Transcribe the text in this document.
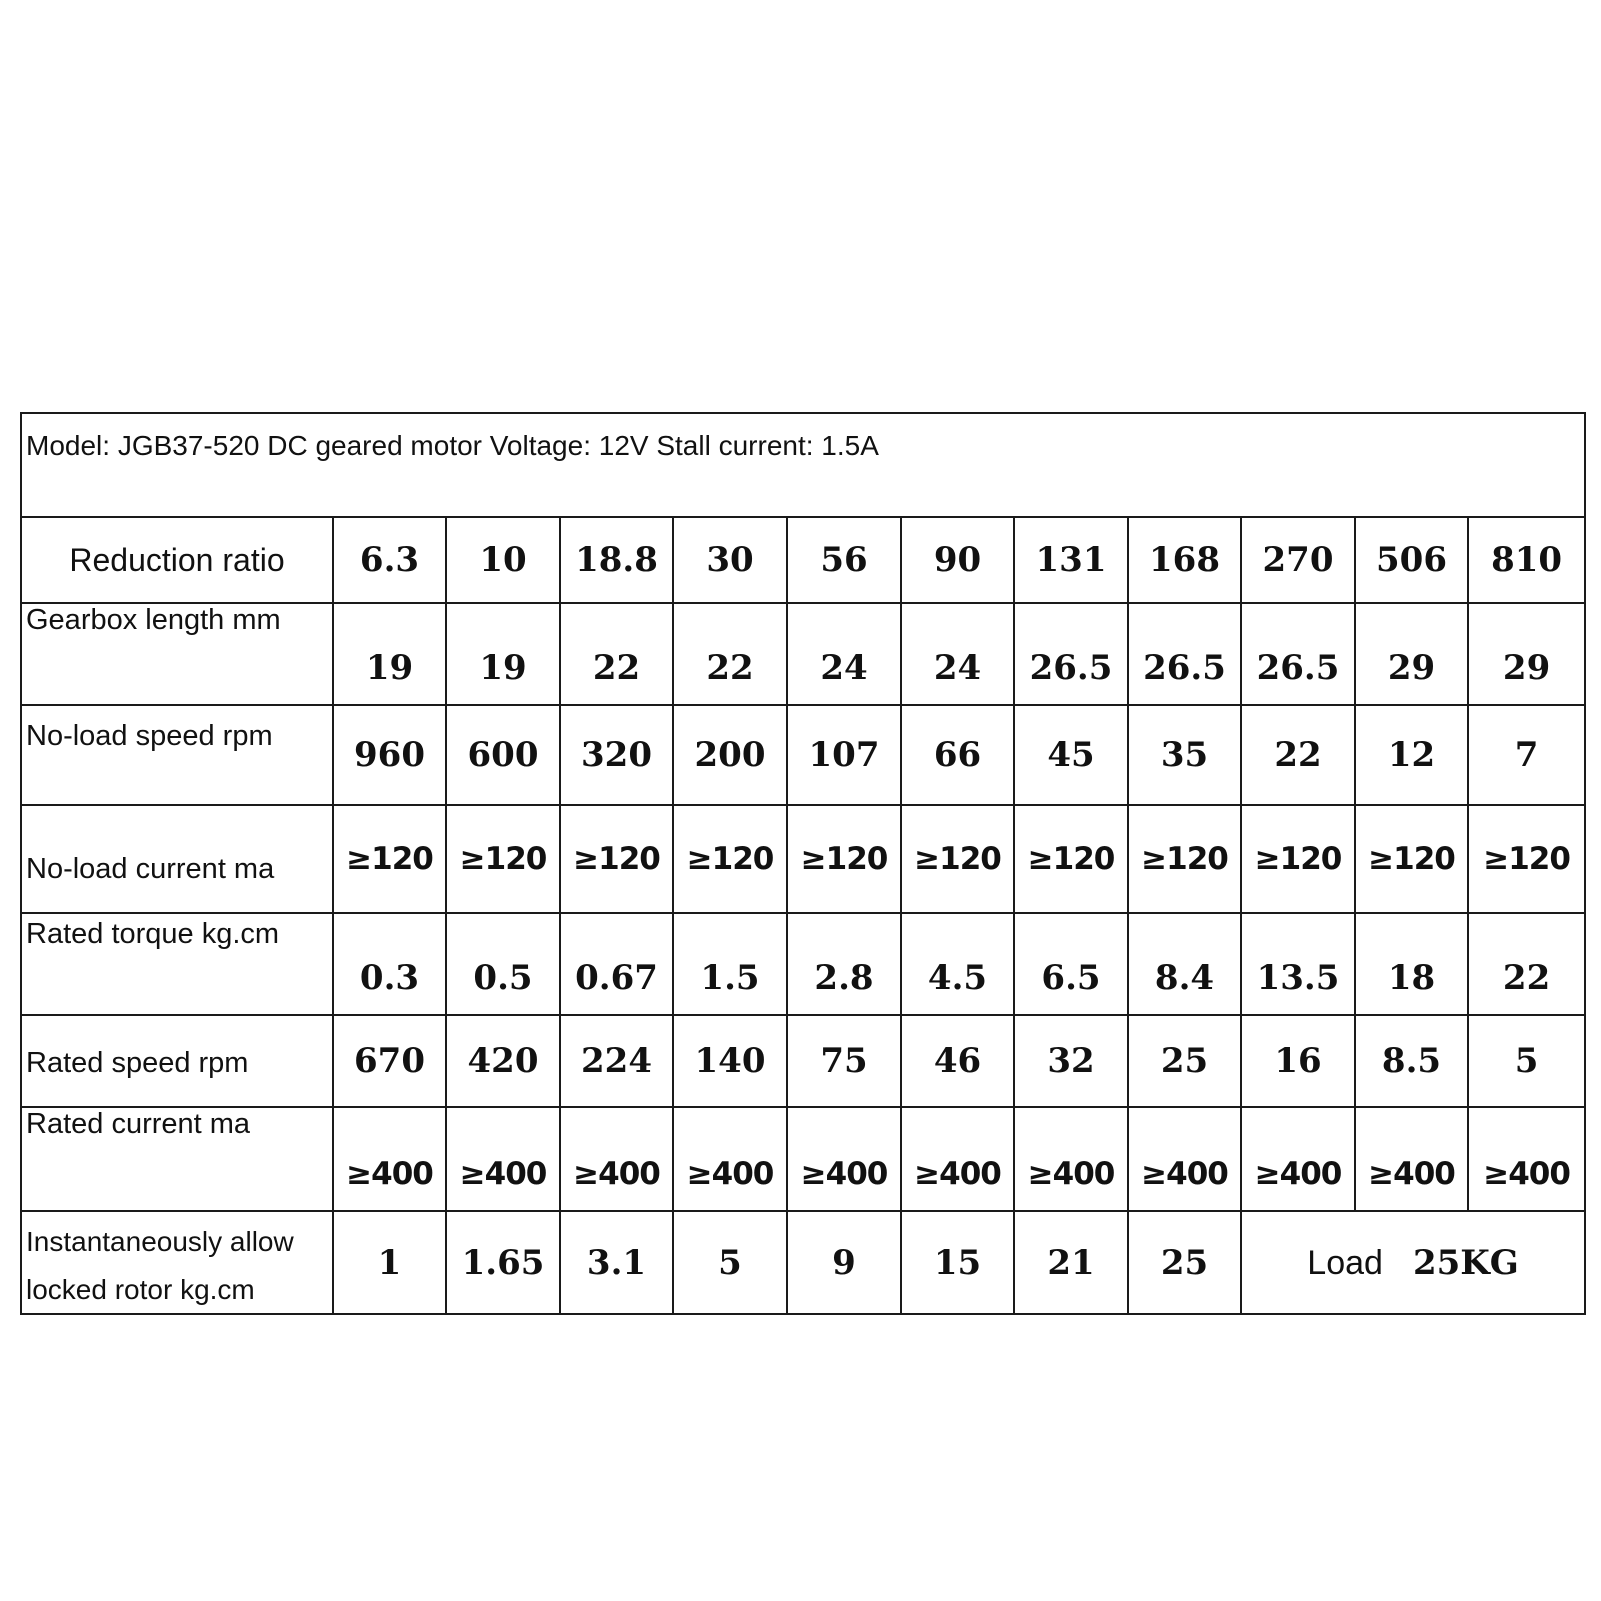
Model: JGB37-520 DC geared motor Voltage: 12V Stall current: 1.5A											
Reduction ratio	6.3	10	18.8	30	56	90	131	168	270	506	810
Gearbox length mm	19	19	22	22	24	24	26.5	26.5	26.5	29	29
No-load speed rpm	960	600	320	200	107	66	45	35	22	12	7
No-load current ma	≥120	≥120	≥120	≥120	≥120	≥120	≥120	≥120	≥120	≥120	≥120
Rated torque kg.cm	0.3	0.5	0.67	1.5	2.8	4.5	6.5	8.4	13.5	18	22
Rated speed rpm	670	420	224	140	75	46	32	25	16	8.5	5
Rated current ma	≥400	≥400	≥400	≥400	≥400	≥400	≥400	≥400	≥400	≥400	≥400
Instantaneously allow
locked rotor kg.cm	1	1.65	3.1	5	9	15	21	25	Load 25KG		
